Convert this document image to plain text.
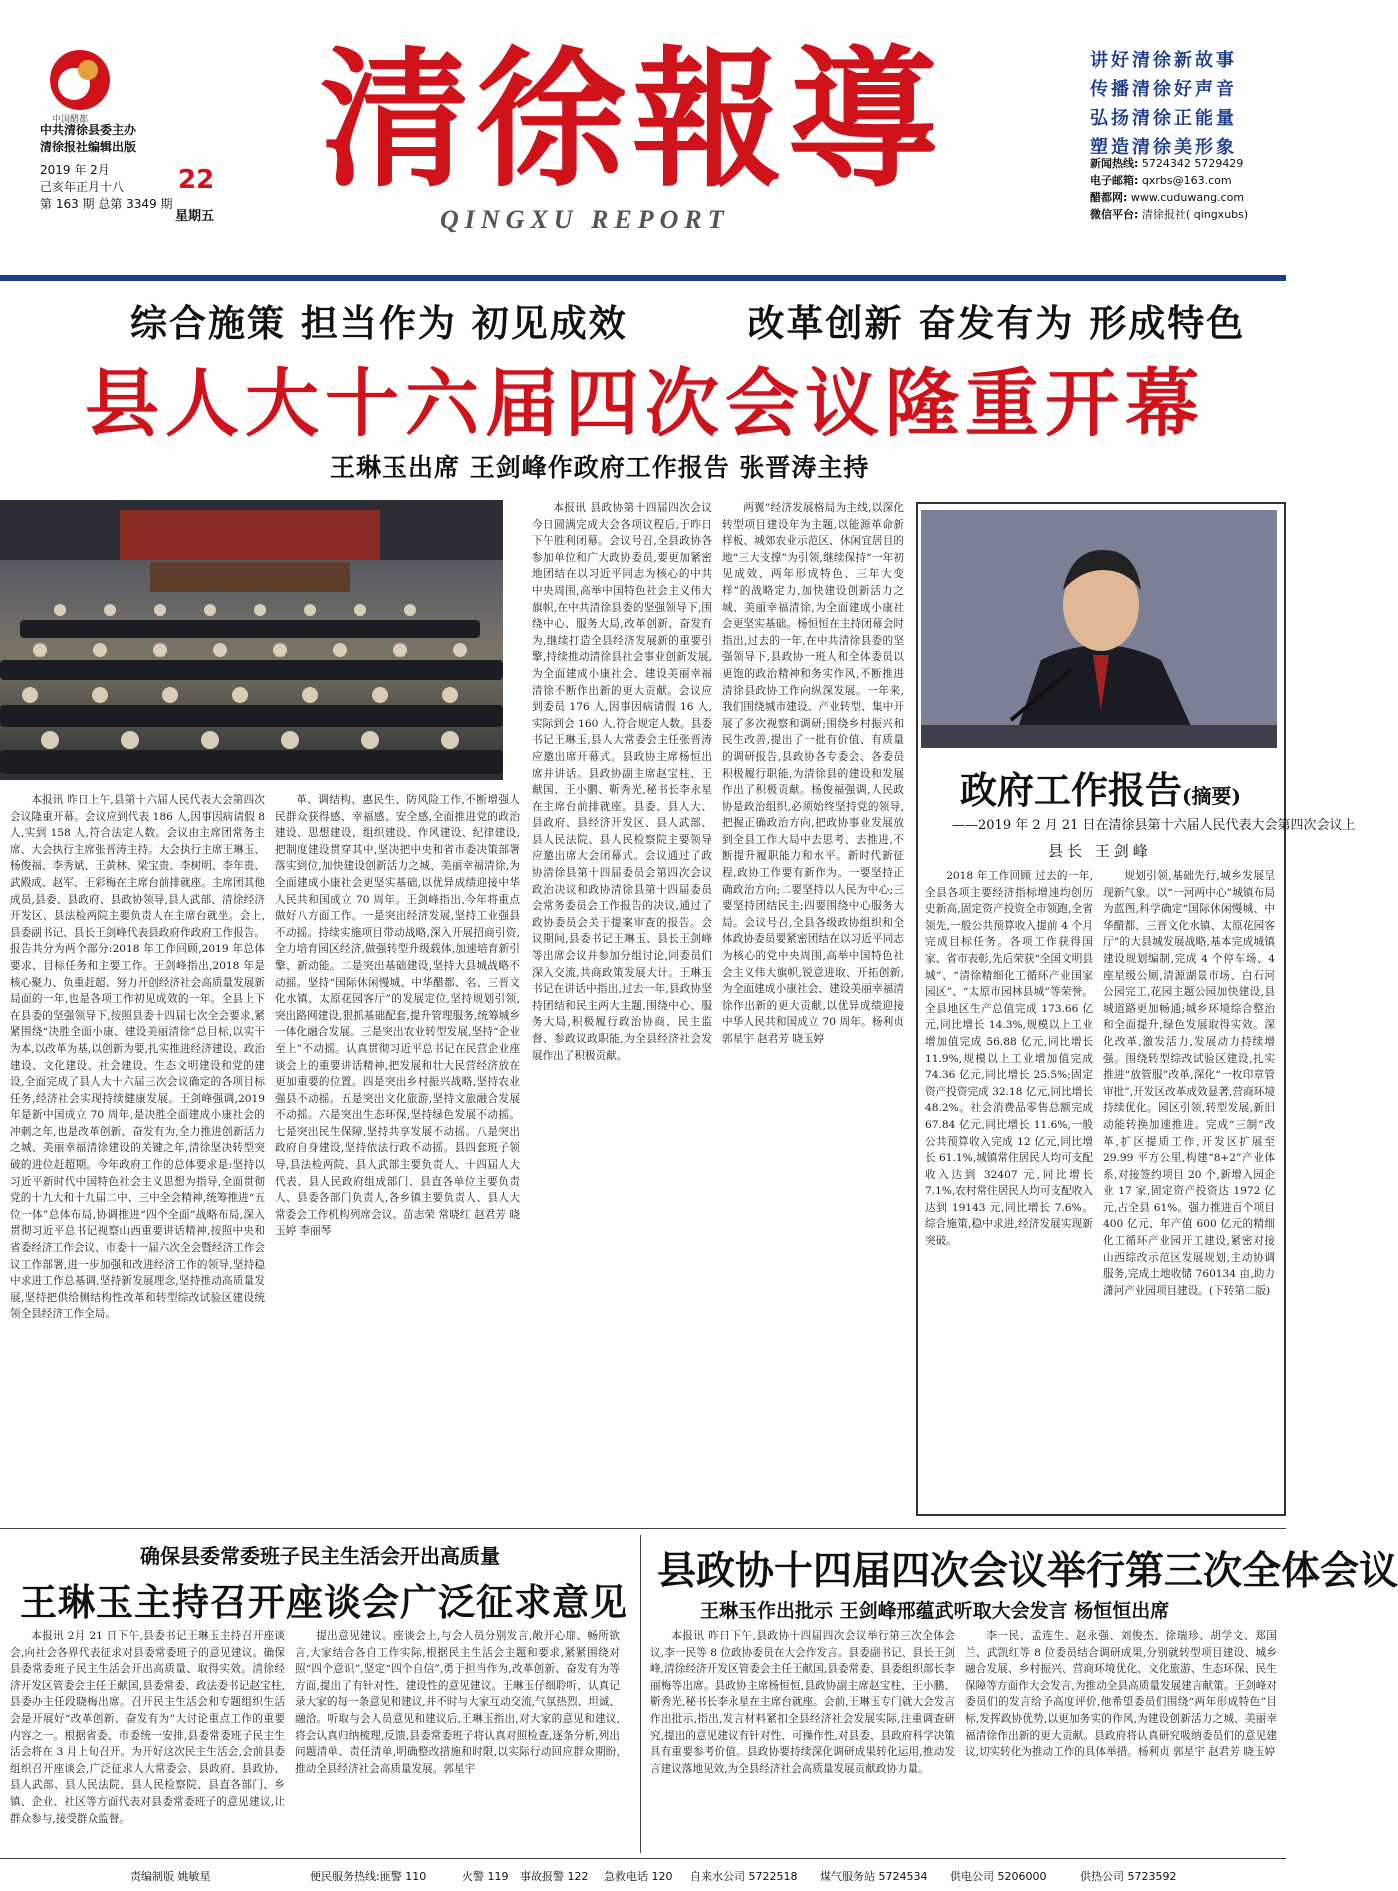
中国醋都
中共清徐县委主办
清徐报社编辑出版
2019 年 2月
己亥年正月十八
第 163 期 总第 3349 期
22
星期五
清徐報導
QINGXU REPORT
讲好清徐新故事
传播清徐好声音
弘扬清徐正能量
塑造清徐美形象
新闻热线: 5724342 5729429
电子邮箱: qxrbs@163.com
醋都网: www.cuduwang.com
微信平台: 清徐报社( qingxubs)
综合施策 担当作为 初见成效	改革创新 奋发有为 形成特色
县人大十六届四次会议隆重开幕
王琳玉出席 王剑峰作政府工作报告 张晋涛主持

本报讯 昨日上午,县第十六届人民代表大会第四次会议隆重开幕。会议应到代表 186 人,因事因病请假 8 人,实到 158 人,符合法定人数。会议由主席团常务主席、大会执行主席张晋涛主持。大会执行主席王琳玉、杨俊福、李秀斌、王黄林、梁宝贵、李树明、李年贵、武殿成、赵军、王彩梅在主席台前排就座。主席团其他成员,县委、县政府、县政协领导,县人武部、清徐经济开发区、县法检两院主要负责人在主席台就坐。会上,县委副书记、县长王剑峰代表县政府作政府工作报告。报告共分为两个部分:2018 年工作回顾,2019 年总体要求、目标任务和主要工作。王剑峰指出,2018 年是核心聚力、负重赶超、努力开创经济社会高质量发展新局面的一年,也是各项工作初见成效的一年。全县上下在县委的坚强领导下,按照县委十四届七次全会要求,紧紧围绕“决胜全面小康、建设美丽清徐”总目标,以实干为本,以改革为基,以创新为要,扎实推进经济建设、政治建设、文化建设、社会建设、生态文明建设和党的建设,全面完成了县人大十六届三次会议确定的各项目标任务,经济社会实现持续健康发展。王剑峰强调,2019 年是新中国成立 70 周年,是决胜全面建成小康社会的冲刺之年,也是改革创新、奋发有为,全力推进创新活力之城、美丽幸福清徐建设的关键之年,清徐坚决转型突破的进位赶超期。今年政府工作的总体要求是:坚持以习近平新时代中国特色社会主义思想为指导,全面贯彻党的十九大和十九届二中、三中全会精神,统筹推进“五位一体”总体布局,协调推进“四个全面”战略布局,深入贯彻习近平总书记视察山西重要讲话精神,按照中央和省委经济工作会议、市委十一届六次全会暨经济工作会议工作部署,进一步加强和改进经济工作的领导,坚持稳中求进工作总基调,坚持新发展理念,坚持推动高质量发展,坚持把供给侧结构性改革和转型综改试验区建设统领全县经济工作全局。

革、调结构、惠民生、防风险工作,不断增强人民群众获得感、幸福感、安全感,全面推进党的政治建设、思想建设、组织建设、作风建设、纪律建设,把制度建设贯穿其中,坚决把中央和省市委决策部署落实到位,加快建设创新活力之城、美丽幸福清徐,为全面建成小康社会更坚实基础,以优异成绩迎接中华人民共和国成立 70 周年。王剑峰指出,今年将重点做好八方面工作。一是突出经济发展,坚持工业强县不动摇。持续实施项目带动战略,深入开展招商引资,全力培育园区经济,做强转型升级载体,加速培育新引擎、新动能。二是突出基础建设,坚持大县城战略不动摇。坚持“国际休闲慢城、中华醋都、名、三晋文化水镇、太原花园客厅”的发展定位,坚持规划引领,突出路网建设,狠抓基础配套,提升管理服务,统筹城乡一体化融合发展。三是突出农业转型发展,坚持“企业至上”不动摇。认真贯彻习近平总书记在民营企业座谈会上的重要讲话精神,把发展和壮大民营经济放在更加重要的位置。四是突出乡村振兴战略,坚持农业强县不动摇。五是突出文化旅游,坚持文旅融合发展不动摇。六是突出生态环保,坚持绿色发展不动摇。七是突出民生保障,坚持共享发展不动摇。八是突出政府自身建设,坚持依法行政不动摇。县四套班子领导,县法检两院、县人武部主要负责人、十四届人大代表、县人民政府组成部门、县直各单位主要负责人、县委各部门负责人,各乡镇主要负责人、县人大常委会工作机构列席会议。苗志荣 常晓红 赵君芳 晓玉婷 李丽琴

本报讯 县政协第十四届四次会议今日圆满完成大会各项议程后,于昨日下午胜利闭幕。会议号召,全县政协各参加单位和广大政协委员,要更加紧密地团结在以习近平同志为核心的中共中央周围,高举中国特色社会主义伟大旗帜,在中共清徐县委的坚强领导下,围绕中心、服务大局,改革创新、奋发有为,继续打造全县经济发展新的重要引擎,持续推动清徐县社会事业创新发展,为全面建成小康社会、建设美丽幸福清徐不断作出新的更大贡献。会议应到委员 176 人,因事因病请假 16 人,实际到会 160 人,符合规定人数。县委书记王琳玉,县人大常委会主任张晋涛应邀出席开幕式。县政协主席杨恒出席并讲话。县政协副主席赵宝柱、王献国、王小鹏、靳秀光,秘书长李永星在主席台前排就座。县委、县人大、县政府、县经济开发区、县人武部、县人民法院、县人民检察院主要领导应邀出席大会闭幕式。会议通过了政协清徐县第十四届委员会第四次会议政治决议和政协清徐县第十四届委员会常务委员会工作报告的决议,通过了政协委员会关于提案审查的报告。会议期间,县委书记王琳玉、县长王剑峰等出席会议并参加分组讨论,同委员们深入交流,共商政策发展大计。王琳玉书记在讲话中指出,过去一年,县政协坚持团结和民主两大主题,围绕中心、服务大局,积极履行政治协商、民主监督、参政议政职能,为全县经济社会发展作出了积极贡献。

两翼”经济发展格局为主线,以深化转型项目建设年为主题,以能源革命新样板、城郊农业示范区、休闲宜居目的地“三大支撑”为引领,继续保持“一年初见成效、两年形成特色、三年大变样”的战略定力,加快建设创新活力之城、美丽幸福清徐,为全面建成小康社会更坚实基础。杨恒恒在主持闭幕会时指出,过去的一年,在中共清徐县委的坚强领导下,县政协一班人和全体委员以更饱的政治精神和务实作风,不断推进清徐县政协工作向纵深发展。一年来,我们围绕城市建设、产业转型、集中开展了多次视察和调研;围绕乡村振兴和民生改善,提出了一批有价值、有质量的调研报告,县政协各专委会、各委员积极履行职能,为清徐县的建设和发展作出了积极贡献。杨俊福强调,人民政协是政治组织,必须始终坚持党的领导,把握正确政治方向,把政协事业发展放到全县工作大局中去思考、去推进,不断提升履职能力和水平。新时代新征程,政协工作要有新作为。一要坚持正确政治方向;二要坚持以人民为中心;三要坚持团结民主;四要围绕中心服务大局。会议号召,全县各级政协组织和全体政协委员要紧密团结在以习近平同志为核心的党中央周围,高举中国特色社会主义伟大旗帜,锐意进取、开拓创新,为全面建成小康社会、建设美丽幸福清徐作出新的更大贡献,以优异成绩迎接中华人民共和国成立 70 周年。杨利贞 郭星宇 赵君芳 晓玉婷

政府工作报告(摘要)
——2019 年 2 月 21 日在清徐县第十六届人民代表大会第四次会议上
县长 王剑峰

2018 年工作回顾 过去的一年,全县各项主要经济指标增速均创历史新高,固定资产投资全市领跑,全省领先,一般公共预算收入提前 4 个月完成目标任务。各项工作获得国家、省市表彰,先后荣获“全国文明县城”、“清徐精细化工循环产业国家园区”、“太原市园林县城”等荣誉。全县地区生产总值完成 173.66 亿元,同比增长 14.3%,规模以上工业增加值完成 56.88 亿元,同比增长 11.9%,规模以上工业增加值完成 74.36 亿元,同比增长 25.5%;固定资产投资完成 32.18 亿元,同比增长 48.2%。社会消费品零售总额完成 67.84 亿元,同比增长 11.6%,一般公共预算收入完成 12 亿元,同比增长 61.1%,城镇常住居民人均可支配收入达到 32407 元,同比增长 7.1%,农村常住居民人均可支配收入达到 19143 元,同比增长 7.6%。综合施策,稳中求进,经济发展实现新突破。

规划引领,基础先行,城乡发展呈现新气象。以“一河两中心”城镇布局为蓝图,科学确定“国际休闲慢城、中华醋都、三晋文化水镇、太原花园客厅”的大县城发展战略,基本完成城镇建设规划编制,完成 4 个停车场、4 座星级公厕,清源湖景市场、白石河公园完工,花园主题公园加快建设,县城道路更加畅通;城乡环境综合整治和全面提升,绿色发展取得实效。深化改革,激发活力,发展动力持续增强。围绕转型综改试验区建设,扎实推进“放管服”改革,深化“一枚印章管审批”,开发区改革成效显著,营商环境持续优化。园区引领,转型发展,新旧动能转换加速推进。完成“三制”改革,扩区提质工作,开发区扩展至 29.99 平方公里,构建“8+2”产业体系,对接签约项目 20 个,新增入园企业 17 家,固定资产投资达 1972 亿元,占全县 61%。强力推进百个项目 400 亿元、年产值 600 亿元的精细化工循环产业园开工建设,紧密对接山西综改示范区发展规划,主动协调服务,完成土地收储 760134 亩,助力潇河产业园项目建设。(下转第二版)

确保县委常委班子民主生活会开出高质量
王琳玉主持召开座谈会广泛征求意见

本报讯 2月 21 日下午,县委书记王琳玉主持召开座谈会,向社会各界代表征求对县委常委班子的意见建议。确保县委常委班子民主生活会开出高质量、取得实效。清徐经济开发区管委会主任王献国,县委常委、政法委书记赵宝柱,县委办主任段晓梅出席。召开民主生活会和专题组织生活会是开展好“改革创新、奋发有为”大讨论重点工作的重要内容之一。根据省委、市委统一安排,县委常委班子民主生活会将在 3 月上旬召开。为开好这次民主生活会,会前县委组织召开座谈会,广泛征求人大常委会、县政府、县政协、县人武部、县人民法院、县人民检察院、县直各部门、乡镇、企业、社区等方面代表对县委常委班子的意见建议,让群众参与,接受群众监督。

提出意见建议。座谈会上,与会人员分别发言,敞开心扉、畅所欲言,大家结合各自工作实际,根据民主生活会主题和要求,紧紧围绕对照“四个意识”,坚定“四个自信”,勇于担当作为,改革创新、奋发有为等方面,提出了有针对性、建设性的意见建议。王琳玉仔细聆听、认真记录大家的每一条意见和建议,并不时与大家互动交流,气氛热烈、坦诚、融洽。听取与会人员意见和建议后,王琳玉指出,对大家的意见和建议,将会认真归纳梳理,反馈,县委常委班子将认真对照检查,逐条分析,列出问题清单、责任清单,明确整改措施和时限,以实际行动回应群众期盼,推动全县经济社会高质量发展。郭星宇

县政协十四届四次会议举行第三次全体会议
王琳玉作出批示 王剑峰邢蕴武听取大会发言 杨恒恒出席

本报讯 昨日下午,县政协十四届四次会议举行第三次全体会议,李一民等 8 位政协委员在大会作发言。县委副书记、县长王剑峰,清徐经济开发区管委会主任王献国,县委常委、县委组织部长李丽梅等出席。县政协主席杨恒恒,县政协副主席赵宝柱、王小鹏、靳秀光,秘书长李永星在主席台就座。会前,王琳玉专门就大会发言作出批示,指出,发言材料紧扣全县经济社会发展实际,注重调查研究,提出的意见建议有针对性、可操作性,对县委、县政府科学决策具有重要参考价值。县政协要持续深化调研成果转化运用,推动发言建议落地见效,为全县经济社会高质量发展贡献政协力量。

李一民、孟连生、赵永强、刘俊杰、徐瑞珍、胡学文、郑国兰、武凯红等 8 位委员结合调研成果,分别就转型项目建设、城乡融合发展、乡村振兴、营商环境优化、文化旅游、生态环保、民生保障等方面作大会发言,为推动全县高质量发展建言献策。王剑峰对委员们的发言给予高度评价,他希望委员们围绕“两年形成特色”目标,发挥政协优势,以更加务实的作风,为建设创新活力之城、美丽幸福清徐作出新的更大贡献。县政府将认真研究吸纳委员们的意见建议,切实转化为推动工作的具体举措。杨利贞 郭星宇 赵君芳 晓玉婷

责编制版 姚敏星	便民服务热线:匪警 110	火警 119 事故报警 122 急救电话 120 自来水公司 5722518 煤气服务站 5724534 供电公司 5206000	供热公司 5723592
